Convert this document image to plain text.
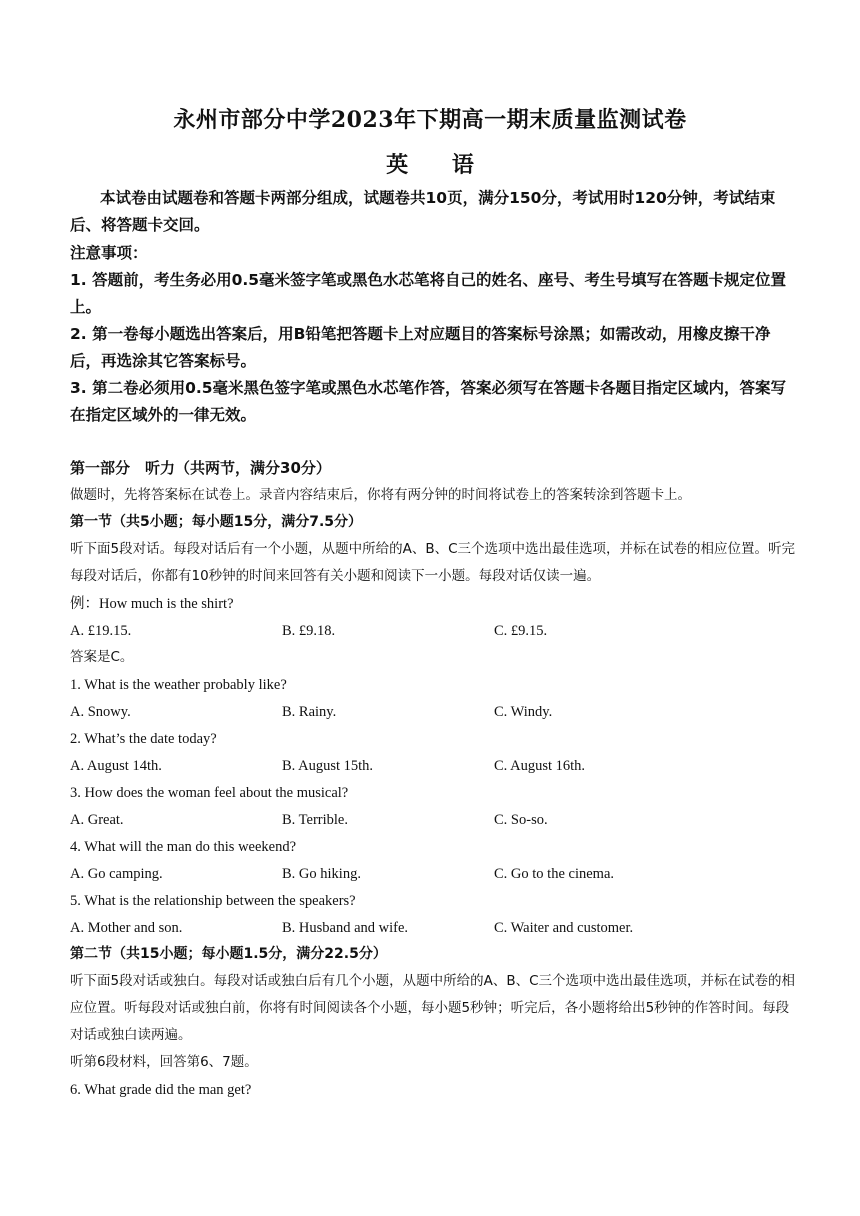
永州市部分中学2023年下期高一期末质量监测试卷
英 语
本试卷由试题卷和答题卡两部分组成，试题卷共10页，满分150分，考试用时120分钟，考试结束后、将答题卡交回。
注意事项：
1. 答题前，考生务必用0.5毫米签字笔或黑色水芯笔将自己的姓名、座号、考生号填写在答题卡规定位置上。
2. 第一卷每小题选出答案后，用B铅笔把答题卡上对应题目的答案标号涂黑；如需改动，用橡皮擦干净后，再选涂其它答案标号。
3. 第二卷必须用0.5毫米黑色签字笔或黑色水芯笔作答，答案必须写在答题卡各题目指定区域内，答案写在指定区域外的一律无效。
第一部分　听力（共两节，满分30分）
做题时，先将答案标在试卷上。录音内容结束后，你将有两分钟的时间将试卷上的答案转涂到答题卡上。
第一节（共5小题；每小题15分，满分7.5分）
听下面5段对话。每段对话后有一个小题，从题中所给的A、B、C三个选项中选出最佳选项，并标在试卷的相应位置。听完每段对话后，你都有10秒钟的时间来回答有关小题和阅读下一小题。每段对话仅读一遍。
例：How much is the shirt?
A. £19.15.	B. £9.18.	C. £9.15.
答案是C。
1. What is the weather probably like?
A. Snowy.	B. Rainy.	C. Windy.
2. What’s the date today?
A. August 14th.	B. August 15th.	C. August 16th.
3. How does the woman feel about the musical?
A. Great.	B. Terrible.	C. So-so.
4. What will the man do this weekend?
A. Go camping.	B. Go hiking.	C. Go to the cinema.
5. What is the relationship between the speakers?
A. Mother and son.	B. Husband and wife.	C. Waiter and customer.
第二节（共15小题；每小题1.5分，满分22.5分）
听下面5段对话或独白。每段对话或独白后有几个小题，从题中所给的A、B、C三个选项中选出最佳选项，并标在试卷的相应位置。听每段对话或独白前，你将有时间阅读各个小题，每小题5秒钟；听完后，各小题将给出5秒钟的作答时间。每段对话或独白读两遍。
听第6段材料，回答第6、7题。
6. What grade did the man get?
